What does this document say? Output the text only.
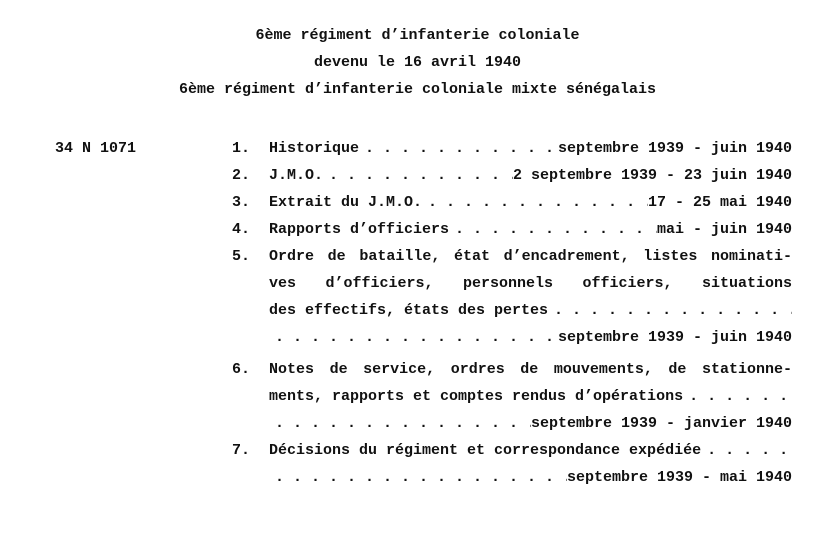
6ème régiment d’infanterie coloniale
devenu le 16 avril 1940
6ème régiment d’infanterie coloniale mixte sénégalais
34 N 1071	1. Historique . . .	septembre 1939 - juin 1940
2. J.M.O. . . .	2 septembre 1939 - 23 juin 1940
3. Extrait du J.M.O. . . .	17 - 25 mai 1940
4. Rapports d’officiers . . .	mai - juin 1940
5. Ordre de bataille, état d’encadrement, listes nominati-
ves d’officiers, personnels officiers, situations
des effectifs, états des pertes
. . .
. . .
septembre 1939 - juin 1940
6. Notes de service, ordres de mouvements, de stationne-
ments, rapports et comptes rendus d’opérations
. . .
. . .
septembre 1939 - janvier 1940
7. Décisions du régiment et correspondance expédiée
. . .
. . .
septembre 1939 - mai 1940
